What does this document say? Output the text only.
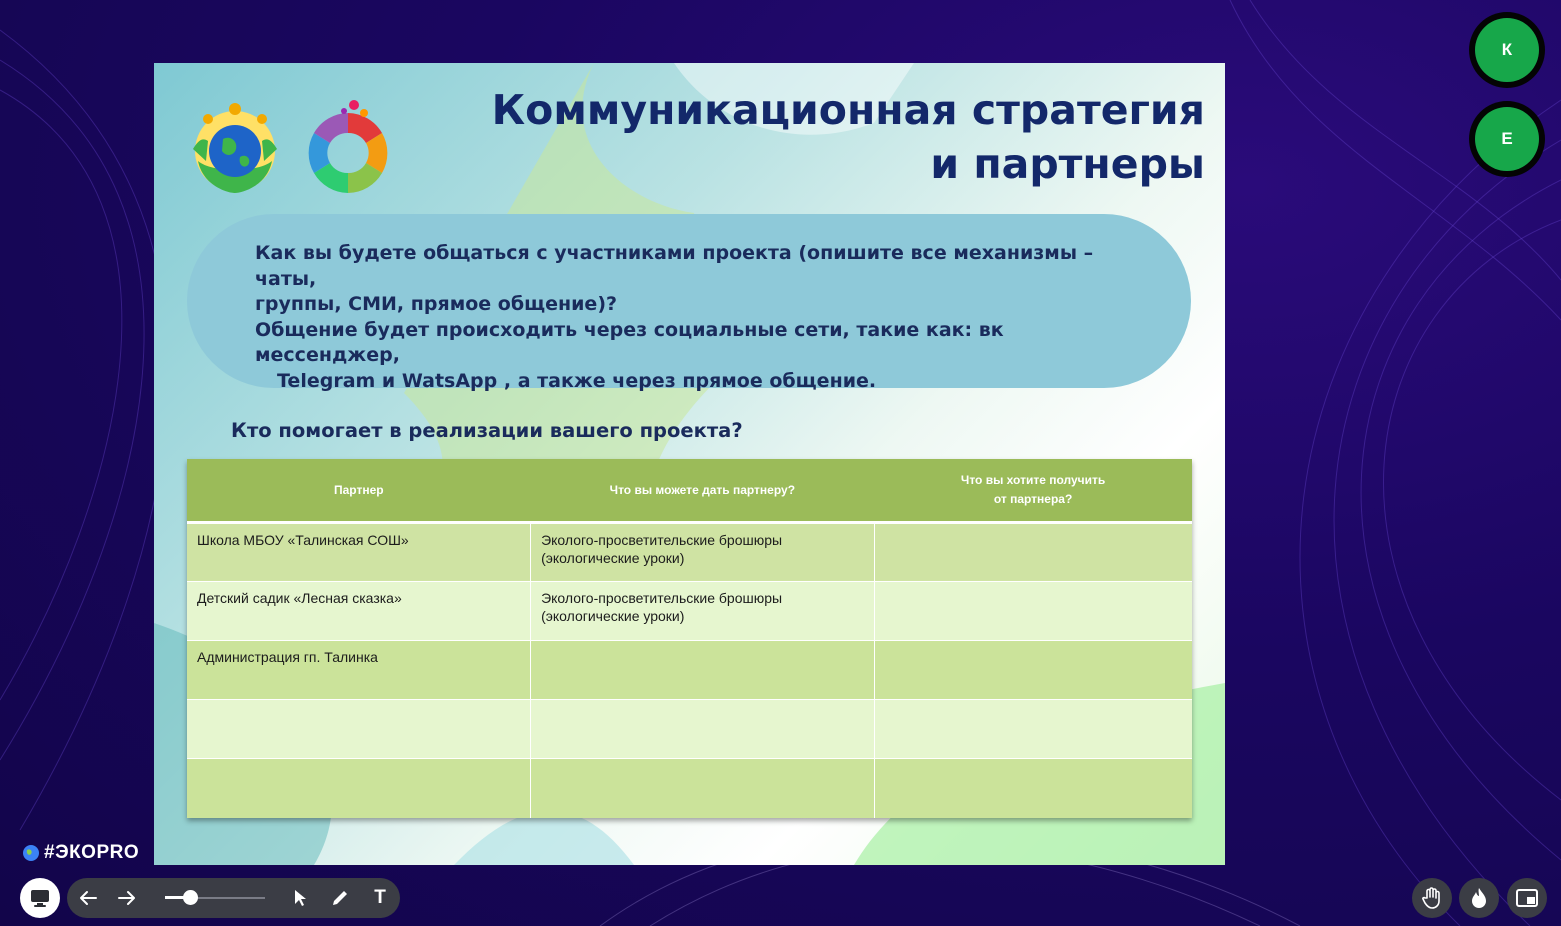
Коммуникационная стратегия
и партнеры
Как вы будете общаться с участниками проекта (опишите все механизмы – чаты,
группы, СМИ, прямое общение)?
Общение будет происходить через социальные сети, такие как: вк мессенджер,
Telegram и WatsApp , а также через прямое общение.
Кто помогает в реализации вашего проекта?
Партнер	Что вы можете дать партнеру?	Что вы хотите получить
от партнера?
Школа МБОУ «Талинская СОШ»	Эколого-просветительские брошюры (экологические уроки)	
Детский садик «Лесная сказка»	Эколого-просветительские брошюры (экологические уроки)	
Администрация гп. Талинка		

К
Е
#ЭКOPRO
T
